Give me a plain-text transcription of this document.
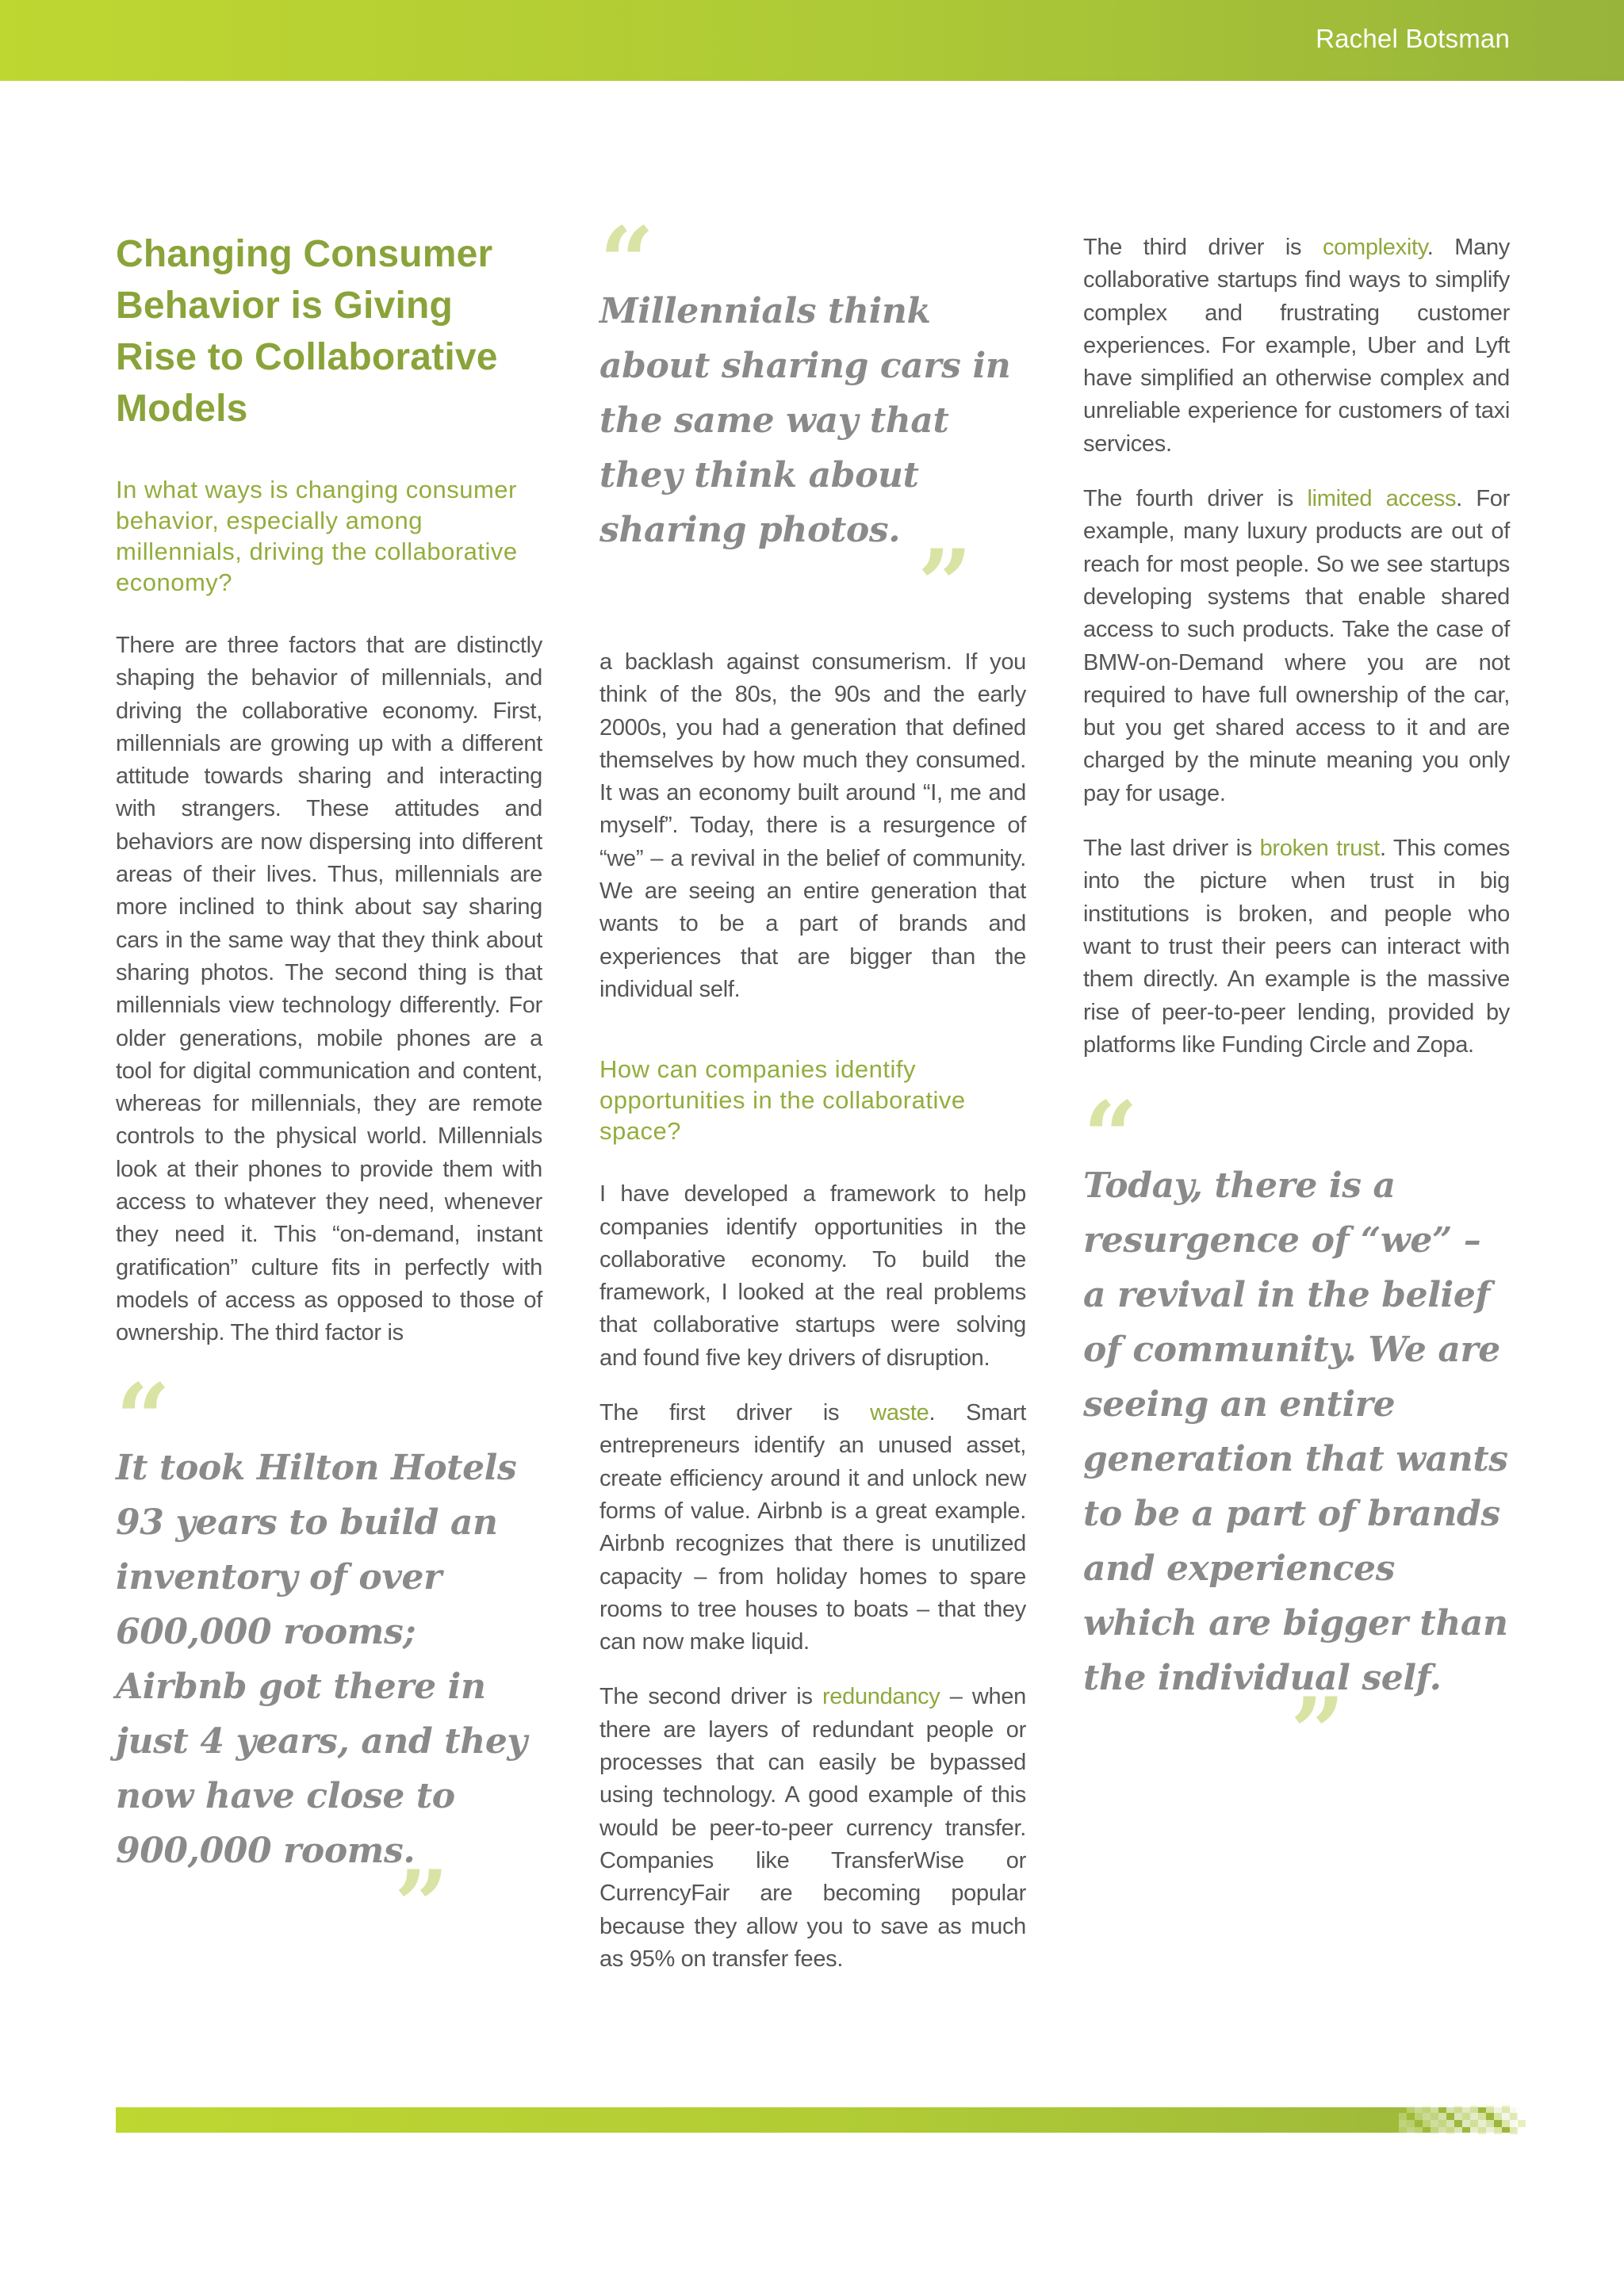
Rachel Botsman
Changing Consumer Behavior is Giving Rise to Collaborative Models

In what ways is changing consumer behavior, especially among millennials, driving the collaborative economy?

There are three factors that are distinctly shaping the behavior of millennials, and driving the collaborative economy. First, millennials are growing up with a different attitude towards sharing and interacting with strangers. These attitudes and behaviors are now dispersing into different areas of their lives. Thus, millennials are more inclined to think about say sharing cars in the same way that they think about sharing photos. The second thing is that millennials view technology differently. For older generations, mobile phones are a tool for digital communication and content, whereas for millennials, they are remote controls to the physical world. Millennials look at their phones to provide them with access to whatever they need, whenever they need it. This “on-demand, instant gratification” culture fits in perfectly with models of access as opposed to those of ownership. The third factor is

“

It took Hilton Hotels 93 years to build an inventory of over 600,000 rooms; Airbnb got there in just 4 years, and they now have close to 900,000 rooms.

”
“

Millennials think about sharing cars in the same way that they think about sharing photos. ”

a backlash against consumerism. If you think of the 80s, the 90s and the early 2000s, you had a generation that defined themselves by how much they consumed. It was an economy built around “I, me and myself”. Today, there is a resurgence of “we” – a revival in the belief of community. We are seeing an entire generation that wants to be a part of brands and experiences that are bigger than the individual self.

How can companies identify opportunities in the collaborative space?

I have developed a framework to help companies identify opportunities in the collaborative economy. To build the framework, I looked at the real problems that collaborative startups were solving and found five key drivers of disruption.

The first driver is waste. Smart entrepreneurs identify an unused asset, create efficiency around it and unlock new forms of value. Airbnb is a great example. Airbnb recognizes that there is unutilized capacity – from holiday homes to spare rooms to tree houses to boats – that they can now make liquid.

The second driver is redundancy – when there are layers of redundant people or processes that can easily be bypassed using technology. A good example of this would be peer-to-peer currency transfer. Companies like TransferWise or CurrencyFair are becoming popular because they allow you to save as much as 95% on transfer fees.

The third driver is complexity. Many collaborative startups find ways to simplify complex and frustrating customer experiences. For example, Uber and Lyft have simplified an otherwise complex and unreliable experience for customers of taxi services.

The fourth driver is limited access. For example, many luxury products are out of reach for most people. So we see startups developing systems that enable shared access to such products. Take the case of BMW-on-Demand where you are not required to have full ownership of the car, but you get shared access to it and are charged by the minute meaning you only pay for usage.

The last driver is broken trust. This comes into the picture when trust in big institutions is broken, and people who want to trust their peers can interact with them directly. An example is the massive rise of peer-to-peer lending, provided by platforms like Funding Circle and Zopa.

“

Today, there is a resurgence of “we” – a revival in the belief of community. We are seeing an entire generation that wants to be a part of brands and experiences which are bigger than the individual self.

”
